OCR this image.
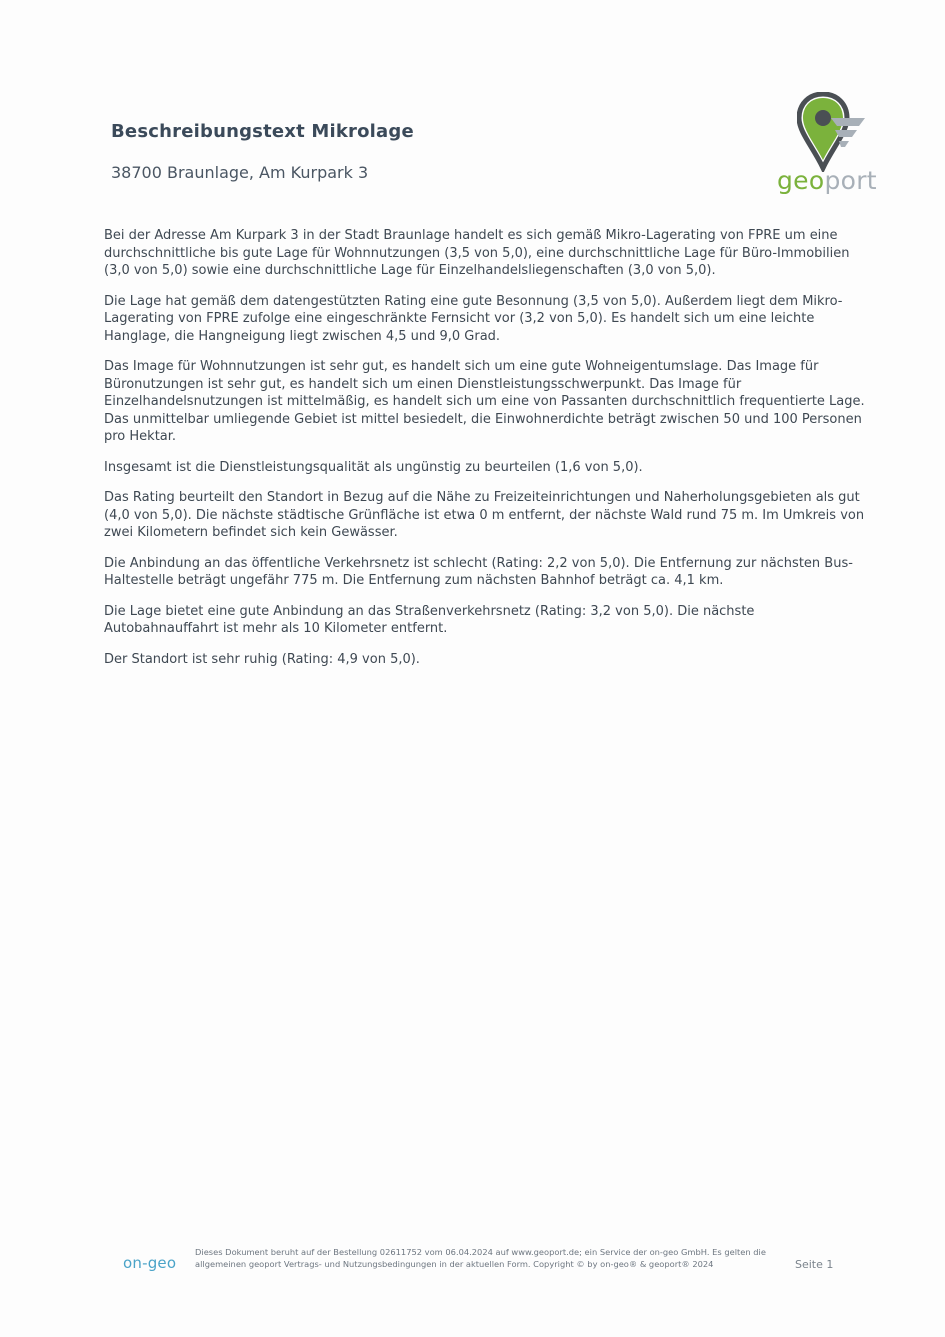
Beschreibungstext Mikrolage
38700 Braunlage, Am Kurpark 3	geoport

Bei der Adresse Am Kurpark 3 in der Stadt Braunlage handelt es sich gemäß Mikro-Lagerating von FPRE um eine durchschnittliche bis gute Lage für Wohnnutzungen (3,5 von 5,0), eine durchschnittliche Lage für Büro-Immobilien (3,0 von 5,0) sowie eine durchschnittliche Lage für Einzelhandelsliegenschaften (3,0 von 5,0).

Die Lage hat gemäß dem datengestützten Rating eine gute Besonnung (3,5 von 5,0). Außerdem liegt dem Mikro-Lagerating von FPRE zufolge eine eingeschränkte Fernsicht vor (3,2 von 5,0). Es handelt sich um eine leichte Hanglage, die Hangneigung liegt zwischen 4,5 und 9,0 Grad.

Das Image für Wohnnutzungen ist sehr gut, es handelt sich um eine gute Wohneigentumslage. Das Image für Büronutzungen ist sehr gut, es handelt sich um einen Dienstleistungsschwerpunkt. Das Image für Einzelhandelsnutzungen ist mittelmäßig, es handelt sich um eine von Passanten durchschnittlich frequentierte Lage. Das unmittelbar umliegende Gebiet ist mittel besiedelt, die Einwohnerdichte beträgt zwischen 50 und 100 Personen pro Hektar.

Insgesamt ist die Dienstleistungsqualität als ungünstig zu beurteilen (1,6 von 5,0).

Das Rating beurteilt den Standort in Bezug auf die Nähe zu Freizeiteinrichtungen und Naherholungsgebieten als gut (4,0 von 5,0). Die nächste städtische Grünfläche ist etwa 0 m entfernt, der nächste Wald rund 75 m. Im Umkreis von zwei Kilometern befindet sich kein Gewässer.

Die Anbindung an das öffentliche Verkehrsnetz ist schlecht (Rating: 2,2 von 5,0). Die Entfernung zur nächsten Bus-Haltestelle beträgt ungefähr 775 m. Die Entfernung zum nächsten Bahnhof beträgt ca. 4,1 km.

Die Lage bietet eine gute Anbindung an das Straßenverkehrsnetz (Rating: 3,2 von 5,0). Die nächste Autobahnauffahrt ist mehr als 10 Kilometer entfernt.

Der Standort ist sehr ruhig (Rating: 4,9 von 5,0).

on-geo
Dieses Dokument beruht auf der Bestellung 02611752 vom 06.04.2024 auf www.geoport.de; ein Service der on-geo GmbH. Es gelten die allgemeinen geoport Vertrags- und Nutzungsbedingungen in der aktuellen Form. Copyright © by on-geo® & geoport® 2024	Seite 1
